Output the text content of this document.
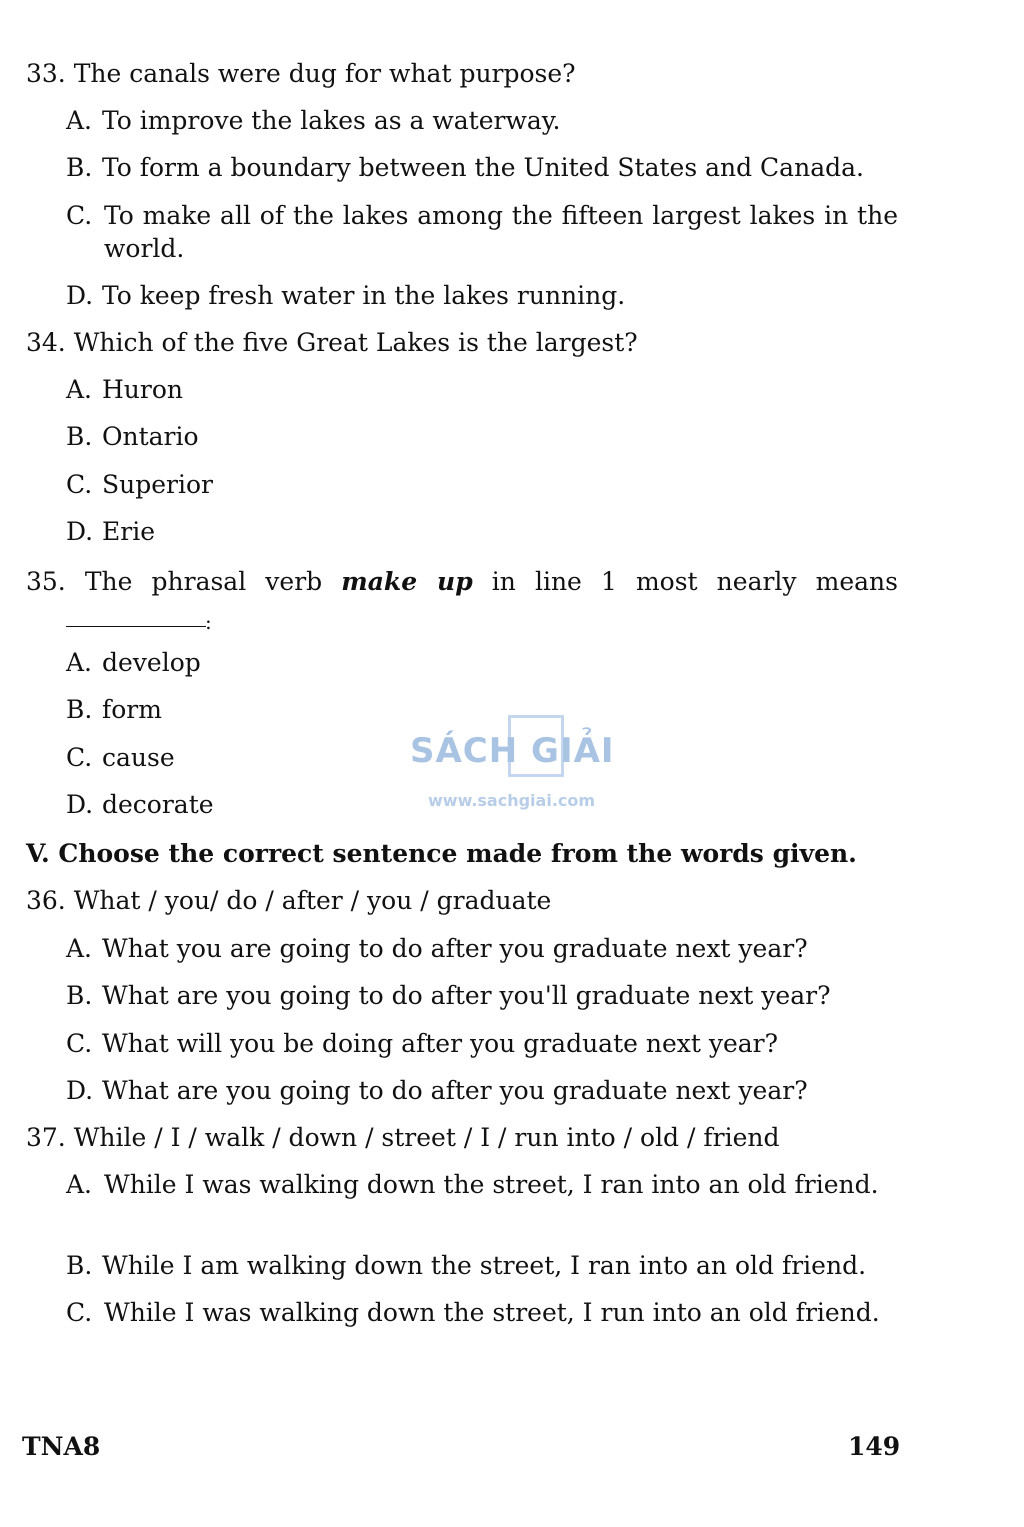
33. The canals were dug for what purpose?

A. To improve the lakes as a waterway.

B. To form a boundary between the United States and Canada.

C. To make all of the lakes among the fifteen largest lakes in the world.

D. To keep fresh water in the lakes running.

34. Which of the five Great Lakes is the largest?

A. Huron

B. Ontario

C. Superior

D. Erie

35. The phrasal verb make up in line 1 most nearly means

:

A. develop

B. form

C. cause

D. decorate

SÁCH GIẢI
www.sachgiai.com

V. Choose the correct sentence made from the words given.

36. What / you/ do / after / you / graduate

A. What you are going to do after you graduate next year?

B. What are you going to do after you'll graduate next year?

C. What will you be doing after you graduate next year?

D. What are you going to do after you graduate next year?

37. While / I / walk / down / street / I / run into / old / friend

A. While I was walking down the street, I ran into an old friend.

B. While I am walking down the street, I ran into an old friend.

C. While I was walking down the street, I run into an old friend.
TNA8	149
